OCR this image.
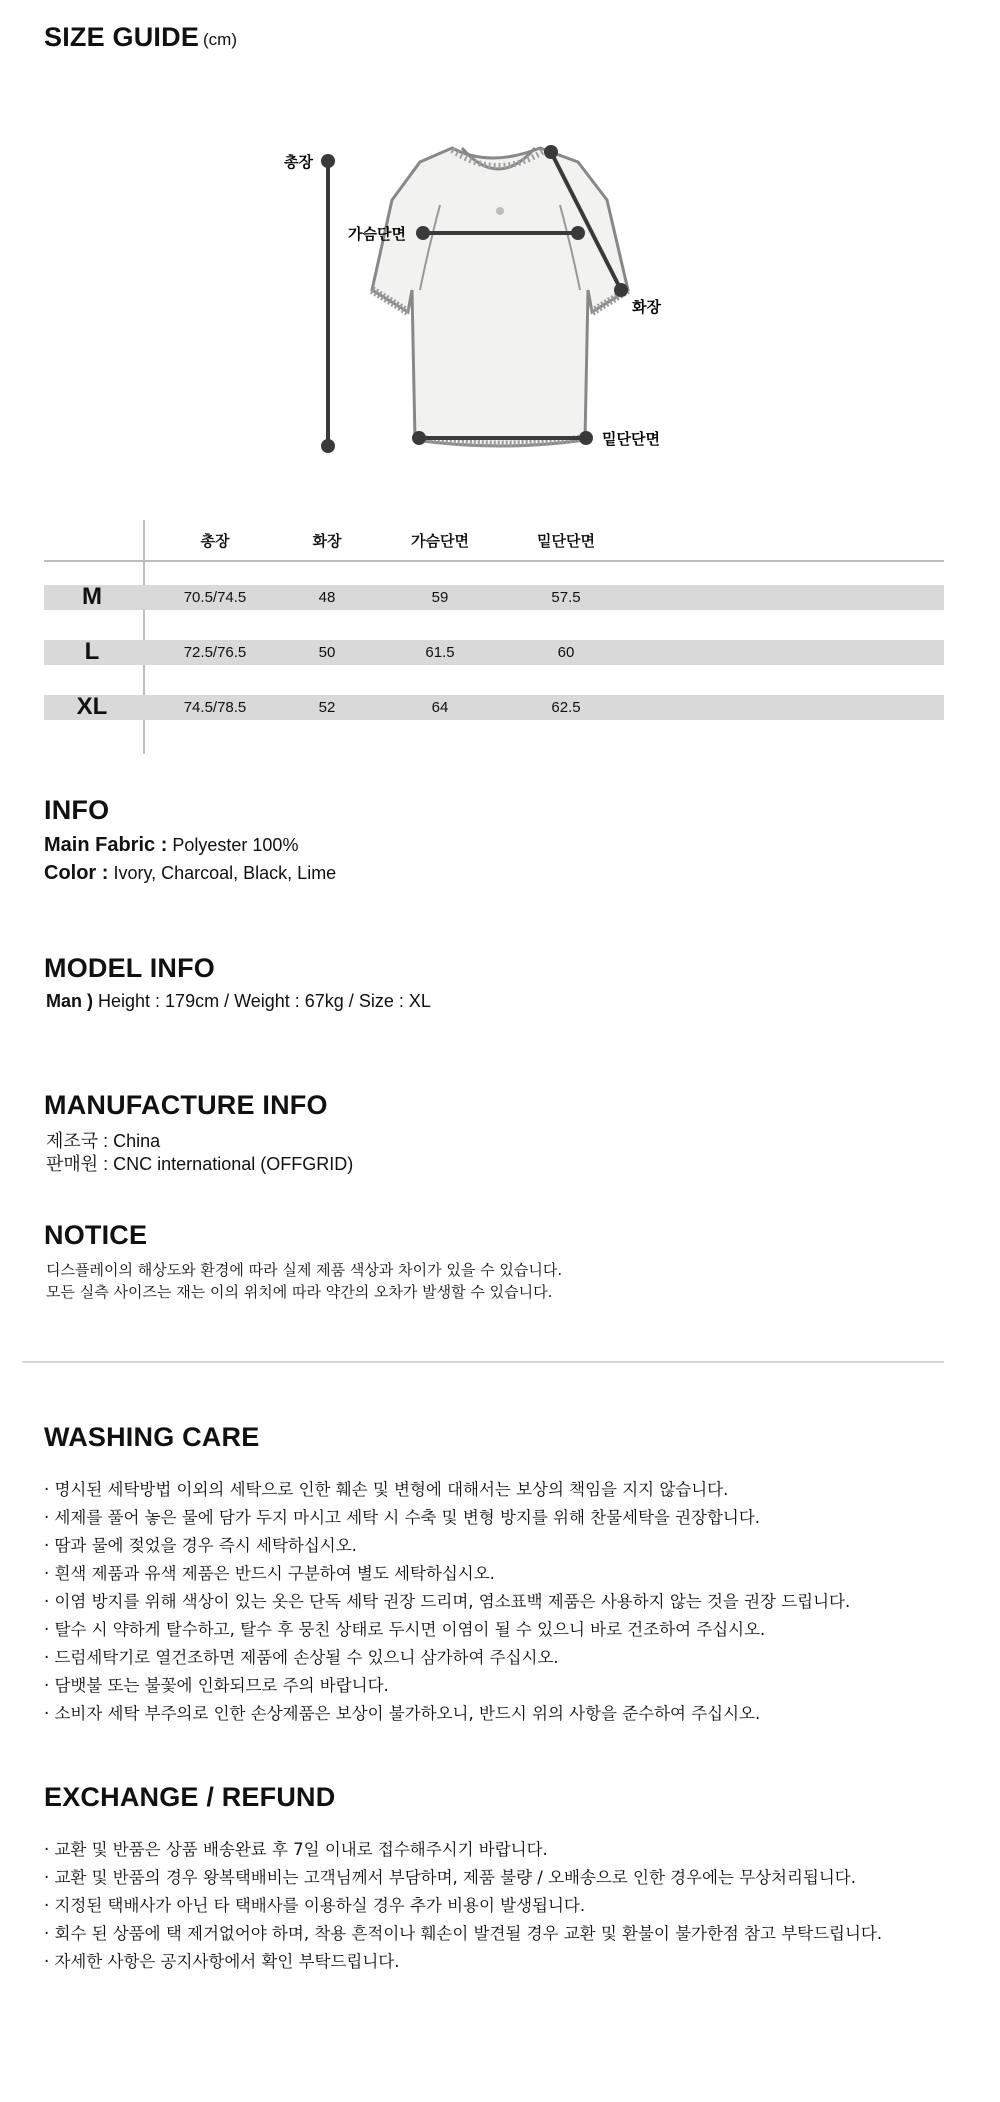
SIZE GUIDE (cm)
총장
가슴단면
화장
밑단단면
총장	화장	가슴단면	밑단단면
M	70.5/74.5	48	59	57.5
L	72.5/76.5	50	61.5	60
XL	74.5/78.5	52	64	62.5
INFO
Main Fabric : Polyester 100%
Color : Ivory, Charcoal, Black, Lime
MODEL INFO
Man ) Height : 179cm / Weight : 67kg / Size : XL
MANUFACTURE INFO
제조국 : China
판매원 : CNC international (OFFGRID)
NOTICE
디스플레이의 해상도와 환경에 따라 실제 제품 색상과 차이가 있을 수 있습니다.
모든 실측 사이즈는 재는 이의 위치에 따라 약간의 오차가 발생할 수 있습니다.
WASHING CARE
· 명시된 세탁방법 이외의 세탁으로 인한 훼손 및 변형에 대해서는 보상의 책임을 지지 않습니다.
· 세제를 풀어 놓은 물에 담가 두지 마시고 세탁 시 수축 및 변형 방지를 위해 찬물세탁을 권장합니다.
· 땀과 물에 젖었을 경우 즉시 세탁하십시오.
· 흰색 제품과 유색 제품은 반드시 구분하여 별도 세탁하십시오.
· 이염 방지를 위해 색상이 있는 옷은 단독 세탁 권장 드리며, 염소표백 제품은 사용하지 않는 것을 권장 드립니다.
· 탈수 시 약하게 탈수하고, 탈수 후 뭉친 상태로 두시면 이염이 될 수 있으니 바로 건조하여 주십시오.
· 드럼세탁기로 열건조하면 제품에 손상될 수 있으니 삼가하여 주십시오.
· 담뱃불 또는 불꽃에 인화되므로 주의 바랍니다.
· 소비자 세탁 부주의로 인한 손상제품은 보상이 불가하오니, 반드시 위의 사항을 준수하여 주십시오.
EXCHANGE / REFUND
· 교환 및 반품은 상품 배송완료 후 7일 이내로 접수해주시기 바랍니다.
· 교환 및 반품의 경우 왕복택배비는 고객님께서 부담하며, 제품 불량 / 오배송으로 인한 경우에는 무상처리됩니다.
· 지정된 택배사가 아닌 타 택배사를 이용하실 경우 추가 비용이 발생됩니다.
· 회수 된 상품에 택 제거없어야 하며, 착용 흔적이나 훼손이 발견될 경우 교환 및 환불이 불가한점 참고 부탁드립니다.
· 자세한 사항은 공지사항에서 확인 부탁드립니다.
